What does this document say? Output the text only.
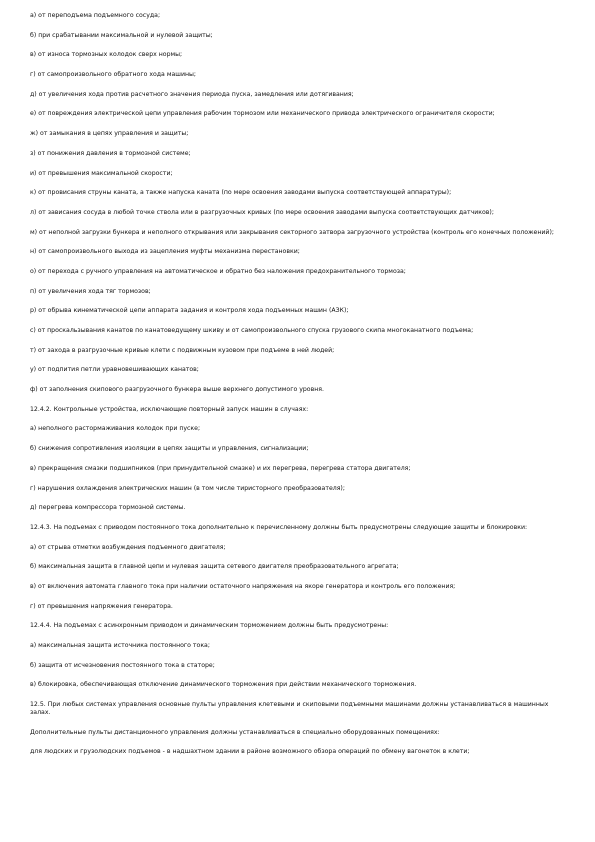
а) от переподъема подъемного сосуда;

б) при срабатывании максимальной и нулевой защиты;

в) от износа тормозных колодок сверх нормы;

г) от самопроизвольного обратного хода машины;

д) от увеличения хода против расчетного значения периода пуска, замедления или дотягивания;

е) от повреждения электрической цепи управления рабочим тормозом или механического привода электрического ограничителя скорости;

ж) от замыкания в цепях управления и защиты;

з) от понижения давления в тормозной системе;

и) от превышения максимальной скорости;

к) от провисания струны каната, а также напуска каната (по мере освоения заводами выпуска соответствующей аппаратуры);

л) от зависания сосуда в любой точке ствола или в разгрузочных кривых (по мере освоения заводами выпуска соответствующих датчиков);

м) от неполной загрузки бункера и неполного открывания или закрывания секторного затвора загрузочного устройства (контроль его конечных положений);

н) от самопроизвольного выхода из зацепления муфты механизма перестановки;

о) от перехода с ручного управления на автоматическое и обратно без наложения предохранительного тормоза;

п) от увеличения хода тяг тормозов;

р) от обрыва кинематической цепи аппарата задания и контроля хода подъемных машин (АЗК);

с) от проскальзывания канатов по канатоведущему шкиву и от самопроизвольного спуска грузового скипа многоканатного подъема;

т) от захода в разгрузочные кривые клети с подвижным кузовом при подъеме в ней людей;

у) от подпития петли уравновешивающих канатов;

ф) от заполнения скипового разгрузочного бункера выше верхнего допустимого уровня.

12.4.2. Контрольные устройства, исключающие повторный запуск машин в случаях:

а) неполного растормаживания колодок при пуске;

б) снижения сопротивления изоляции в цепях защиты и управления, сигнализации;

в) прекращения смазки подшипников (при принудительной смазке) и их перегрева, перегрева статора двигателя;

г) нарушения охлаждения электрических машин (в том числе тиристорного преобразователя);

д) перегрева компрессора тормозной системы.

12.4.3. На подъемах с приводом постоянного тока дополнительно к перечисленному должны быть предусмотрены следующие защиты и блокировки:

а) от стрыва отметки возбуждения подъемного двигателя;

б) максимальная защита в главной цепи и нулевая защита сетевого двигателя преобразовательного агрегата;

в) от включения автомата главного тока при наличии остаточного напряжения на якоре генератора и контроль его положения;

г) от превышения напряжения генератора.

12.4.4. На подъемах с асинхронным приводом и динамическим торможением должны быть предусмотрены:

а) максимальная защита источника постоянного тока;

б) защита от исчезновения постоянного тока в статоре;

в) блокировка, обеспечивающая отключение динамического торможения при действии механического торможения.

12.5. При любых системах управления основные пульты управления клетевыми и скиповыми подъемными машинами должны устанавливаться в машинных залах.

Дополнительные пульты дистанционного управления должны устанавливаться в специально оборудованных помещениях:

для людских и грузолюдских подъемов - в надшахтном здании в районе возможного обзора операций по обмену вагонеток в клети;
